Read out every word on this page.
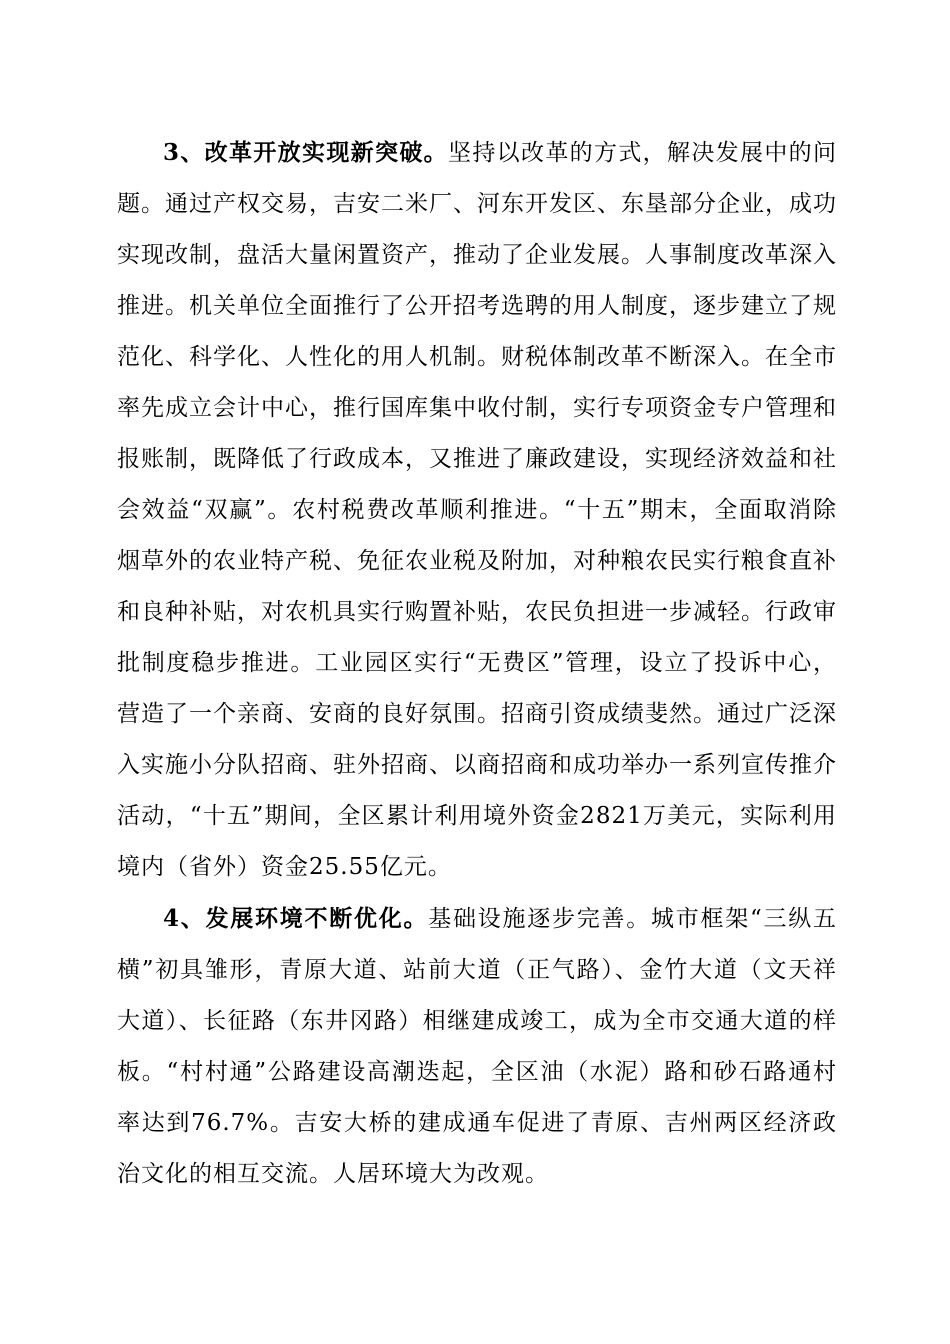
3、改革开放实现新突破。坚持以改革的方式，解决发展中的问题。通过产权交易，吉安二米厂、河东开发区、东垦部分企业，成功实现改制，盘活大量闲置资产，推动了企业发展。人事制度改革深入推进。机关单位全面推行了公开招考选聘的用人制度，逐步建立了规范化、科学化、人性化的用人机制。财税体制改革不断深入。在全市率先成立会计中心，推行国库集中收付制，实行专项资金专户管理和报账制，既降低了行政成本，又推进了廉政建设，实现经济效益和社会效益“双赢”。农村税费改革顺利推进。“十五”期末，全面取消除烟草外的农业特产税、免征农业税及附加，对种粮农民实行粮食直补和良种补贴，对农机具实行购置补贴，农民负担进一步减轻。行政审批制度稳步推进。工业园区实行“无费区”管理，设立了投诉中心，营造了一个亲商、安商的良好氛围。招商引资成绩斐然。通过广泛深入实施小分队招商、驻外招商、以商招商和成功举办一系列宣传推介活动，“十五”期间，全区累计利用境外资金2821万美元，实际利用境内（省外）资金25.55亿元。

4、发展环境不断优化。基础设施逐步完善。城市框架“三纵五横”初具雏形，青原大道、站前大道（正气路）、金竹大道（文天祥大道）、长征路（东井冈路）相继建成竣工，成为全市交通大道的样板。“村村通”公路建设高潮迭起，全区油（水泥）路和砂石路通村率达到76.7%。吉安大桥的建成通车促进了青原、吉州两区经济政治文化的相互交流。人居环境大为改观。
